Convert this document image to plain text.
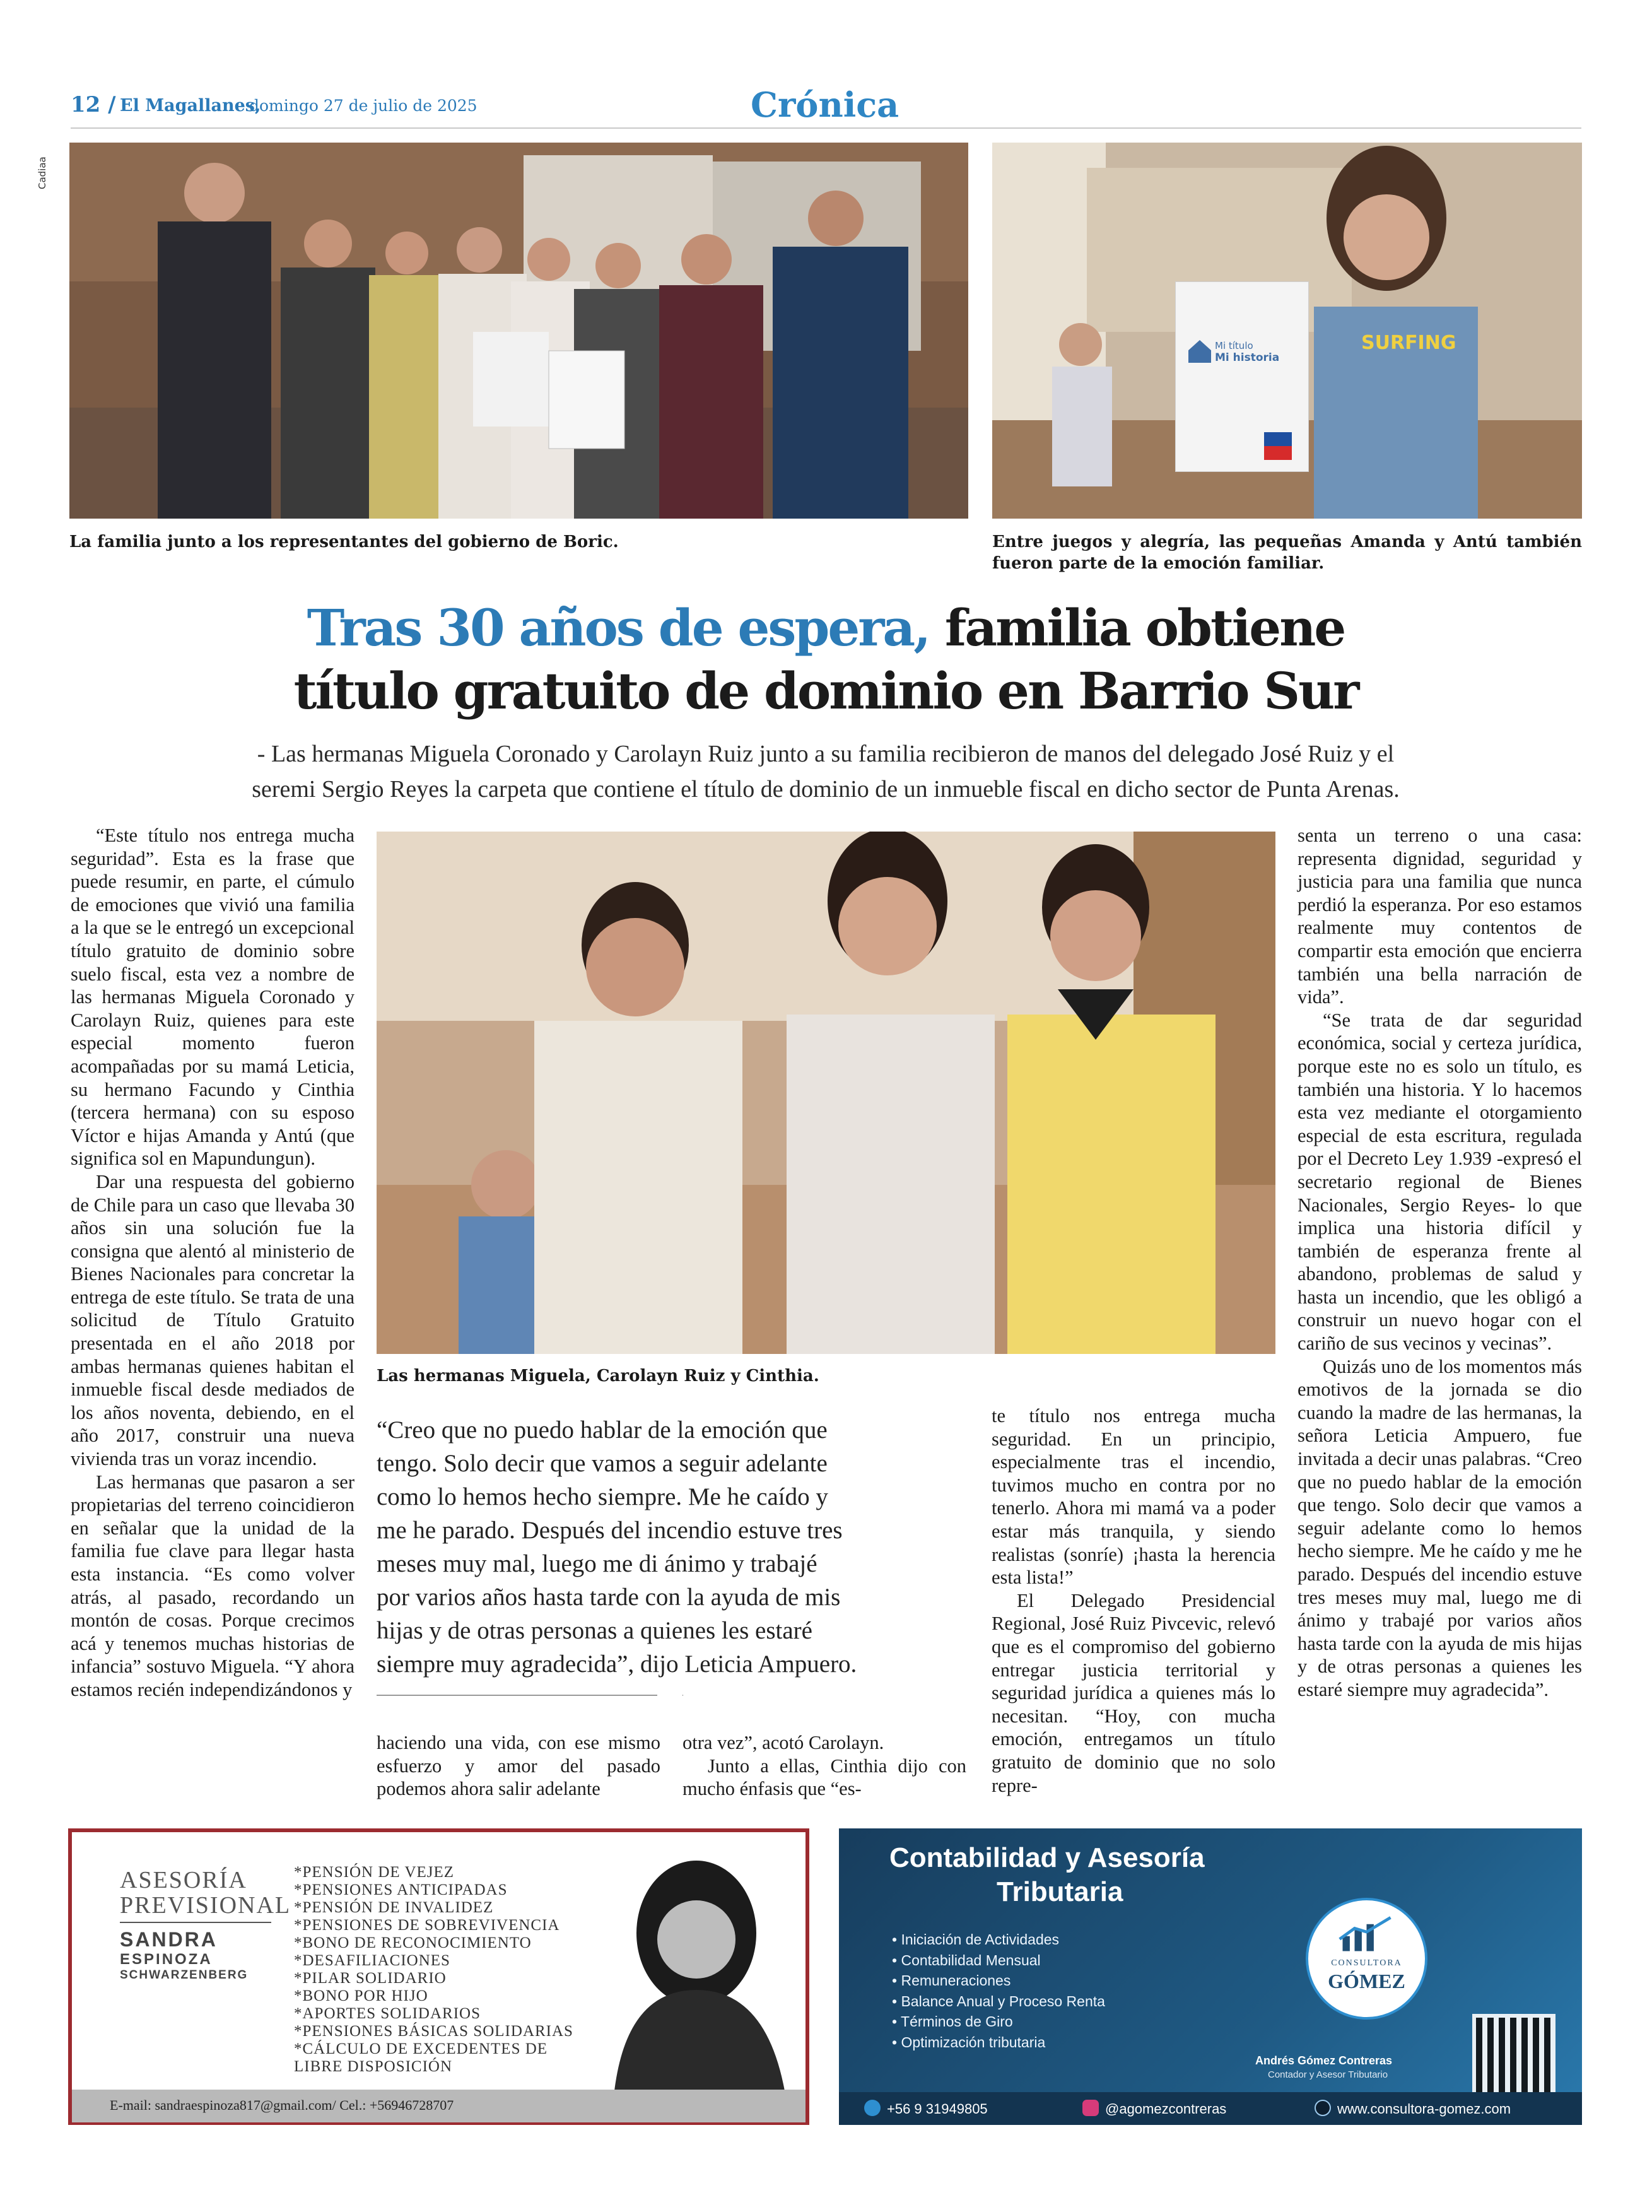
12 / El Magallanes,
domingo 27 de julio de 2025	Crónica
Cadiaa
La familia junto a los representantes del gobierno de Boric.
Mi título
Mi historia
SURFING
Entre juegos y alegría, las pequeñas Amanda y Antú también
fueron parte de la emoción familiar.
Tras 30 años de espera, familia obtiene
título gratuito de dominio en Barrio Sur
- Las hermanas Miguela Coronado y Carolayn Ruiz junto a su familia recibieron de manos del delegado José Ruiz y el
seremi Sergio Reyes la carpeta que contiene el título de dominio de un inmueble fiscal en dicho sector de Punta Arenas.
Las hermanas Miguela, Carolayn Ruiz y Cinthia.

“Este título nos entrega mucha seguridad”. Esta es la frase que puede resumir, en parte, el cúmulo de emociones que vivió una familia a la que se le entregó un excepcional título gratuito de dominio sobre suelo fiscal, esta vez a nombre de las hermanas Miguela Coronado y Carolayn Ruiz, quienes para este especial momento fueron acompañadas por su mamá Leticia, su hermano Facundo y Cinthia (tercera hermana) con su esposo Víctor e hijas Amanda y Antú (que significa sol en Mapundungun).

Dar una respuesta del gobierno de Chile para un caso que llevaba 30 años sin una solución fue la consigna que alentó al ministerio de Bienes Nacionales para concretar la entrega de este título. Se trata de una solicitud de Título Gratuito presentada en el año 2018 por ambas hermanas quienes habitan el inmueble fiscal desde mediados de los años noventa, debiendo, en el año 2017, construir una nueva vivienda tras un voraz incendio.

Las hermanas que pasaron a ser propietarias del terreno coincidieron en señalar que la unidad de la familia fue clave para llegar hasta esta instancia. “Es como volver atrás, al pasado, recordando un montón de cosas. Porque crecimos acá y tenemos muchas historias de infancia” sostuvo Miguela. “Y ahora estamos recién independizándonos y

“Creo que no puedo hablar de la emoción que
tengo. Solo decir que vamos a seguir adelante
como lo hemos hecho siempre. Me he caído y
me he parado. Después del incendio estuve tres
meses muy mal, luego me di ánimo y trabajé
por varios años hasta tarde con la ayuda de mis
hijas y de otras personas a quienes les estaré
siempre muy agradecida”, dijo Leticia Ampuero.

haciendo una vida, con ese mismo esfuerzo y amor del pasado podemos ahora salir adelante

otra vez”, acotó Carolayn.

Junto a ellas, Cinthia dijo con mucho énfasis que “es-

te título nos entrega mucha seguridad. En un principio, especialmente tras el incendio, tuvimos mucho en contra por no tenerlo. Ahora mi mamá va a poder estar más tranquila, y siendo realistas (sonríe) ¡hasta la herencia esta lista!”

El Delegado Presidencial Regional, José Ruiz Pivcevic, relevó que es el compromiso del gobierno entregar justicia territorial y seguridad jurídica a quienes más lo necesitan. “Hoy, con mucha emoción, entregamos un título gratuito de dominio que no solo repre-

senta un terreno o una casa: representa dignidad, seguridad y justicia para una familia que nunca perdió la esperanza. Por eso estamos realmente muy contentos de compartir esta emoción que encierra también una bella narración de vida”.

“Se trata de dar seguridad económica, social y certeza jurídica, porque este no es solo un título, es también una historia. Y lo hacemos esta vez mediante el otorgamiento especial de esta escritura, regulada por el Decreto Ley 1.939 -expresó el secretario regional de Bienes Nacionales, Sergio Reyes- lo que implica una historia difícil y también de esperanza frente al abandono, problemas de salud y hasta un incendio, que les obligó a construir un nuevo hogar con el cariño de sus vecinos y vecinas”.

Quizás uno de los momentos más emotivos de la jornada se dio cuando la madre de las hermanas, la señora Leticia Ampuero, fue invitada a decir unas palabras. “Creo que no puedo hablar de la emoción que tengo. Solo decir que vamos a seguir adelante como lo hemos hecho siempre. Me he caído y me he parado. Después del incendio estuve tres meses muy mal, luego me di ánimo y trabajé por varios años hasta tarde con la ayuda de mis hijas y de otras personas a quienes les estaré siempre muy agradecida”.

ASESORÍA
PREVISIONAL
SANDRA
ESPINOZA
SCHWARZENBERG
* PENSIÓN DE VEJEZ
* PENSIONES ANTICIPADAS
* PENSIÓN DE INVALIDEZ
* PENSIONES DE SOBREVIVENCIA
* BONO DE RECONOCIMIENTO
* DESAFILIACIONES
* PILAR SOLIDARIO
* BONO POR HIJO
* APORTES SOLIDARIOS
* PENSIONES BÁSICAS SOLIDARIAS
* CÁLCULO DE EXCEDENTES DE LIBRE DISPOSICIÓN
E-mail: sandraespinoza817@gmail.com/ Cel.: +56946728707
Contabilidad y Asesoría
Tributaria
• Iniciación de Actividades
• Contabilidad Mensual
• Remuneraciones
• Balance Anual y Proceso Renta
• Términos de Giro
• Optimización tributaria
CONSULTORA
GÓMEZ
Andrés Gómez Contreras
Contador y Asesor Tributario
+56 9 31949805	@agomezcontreras	www.consultora-gomez.com
